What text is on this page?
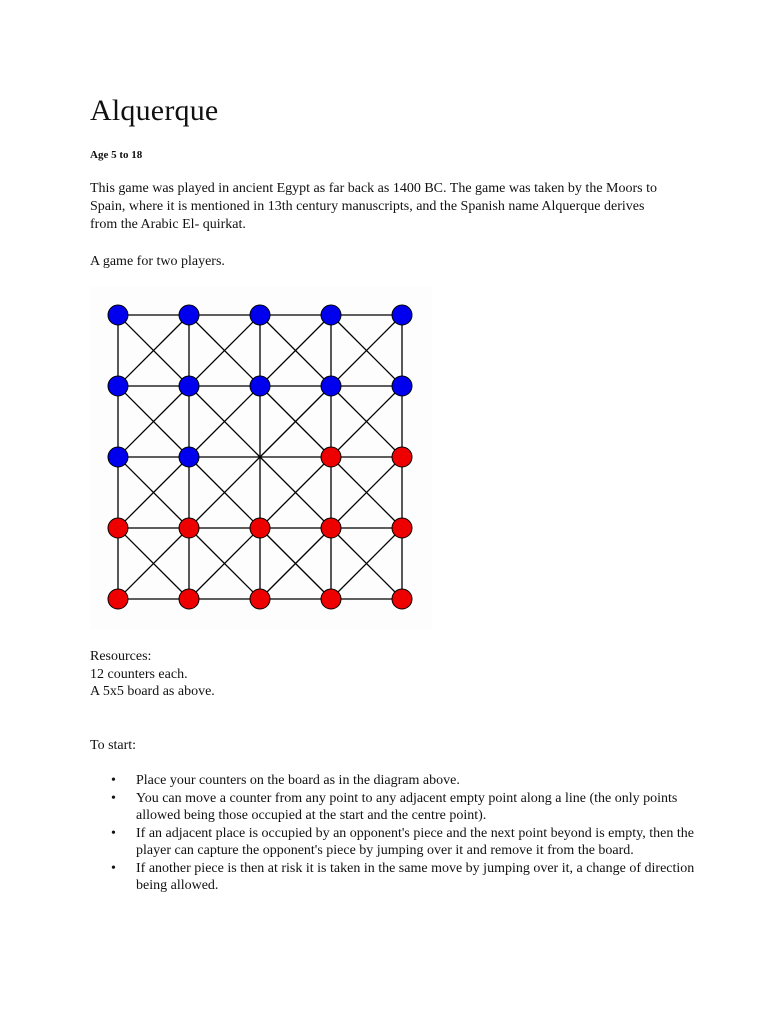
Alquerque

Age 5 to 18

This game was played in ancient Egypt as far back as 1400 BC. The game was taken by the Moors to Spain, where it is mentioned in 13th century manuscripts, and the Spanish name Alquerque derives from the Arabic El- quirkat.

A game for two players.

Resources:
12 counters each.
A 5x5 board as above.

To start:

• Place your counters on the board as in the diagram above.
• You can move a counter from any point to any adjacent empty point along a line (the only points allowed being those occupied at the start and the centre point).
• If an adjacent place is occupied by an opponent's piece and the next point beyond is empty, then the player can capture the opponent's piece by jumping over it and remove it from the board.
• If another piece is then at risk it is taken in the same move by jumping over it, a change of direction being allowed.
